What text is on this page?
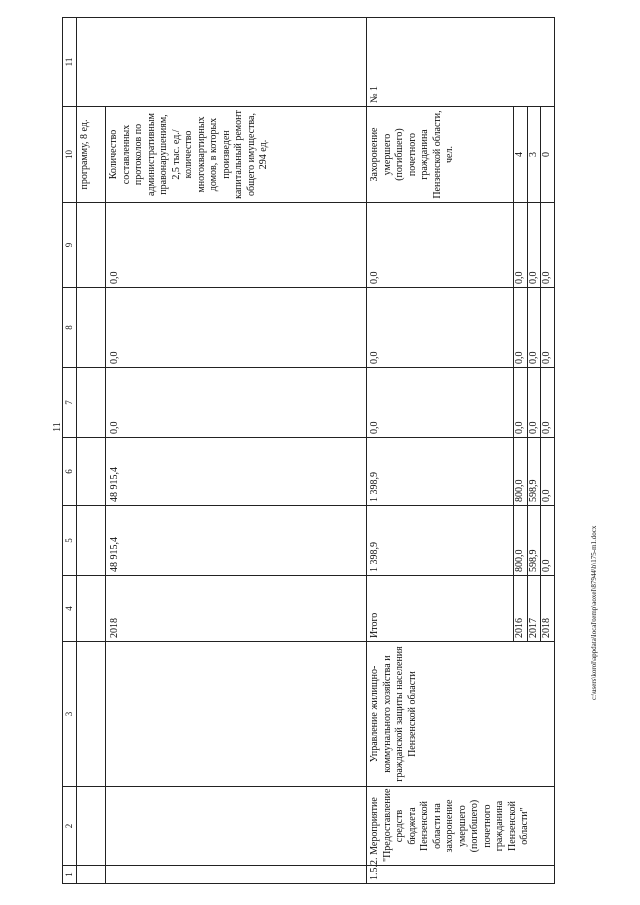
11
1	2	3	4	5	6	7	8	9	10	11
									программу, 8 ед.	

			2018	48 915,4	48 915,4	0,0	0,0	0,0	Количество составленных протоколов по административным правонарушениям, 2,5 тыс. ед./ количество многоквартирных домов, в которых произведен капитальный ремонт общего имущества, 294 ед.	
1.5.2.	Мероприятие "Предоставление средств бюджета Пензенской области на захоронение умершего (погибшего) почетного гражданина Пензенской области"	Управление жилищно-коммунального хозяйства и гражданской защиты населения Пензенской области	Итого	1 398,9	1 398,9	0,0	0,0	0,0	Захоронение умершего (погибшего) почетного гражданина Пензенской области, чел.	№ 1
			2016	800,0	800,0	0,0	0,0	0,0	4	
			2017	598,9	598,9	0,0	0,0	0,0	3	
			2018	0,0	0,0	0,0	0,0	0,0	0	
c:\users\korol\appdata\local\temp\aoxel\87944\b\175-m1.docx
